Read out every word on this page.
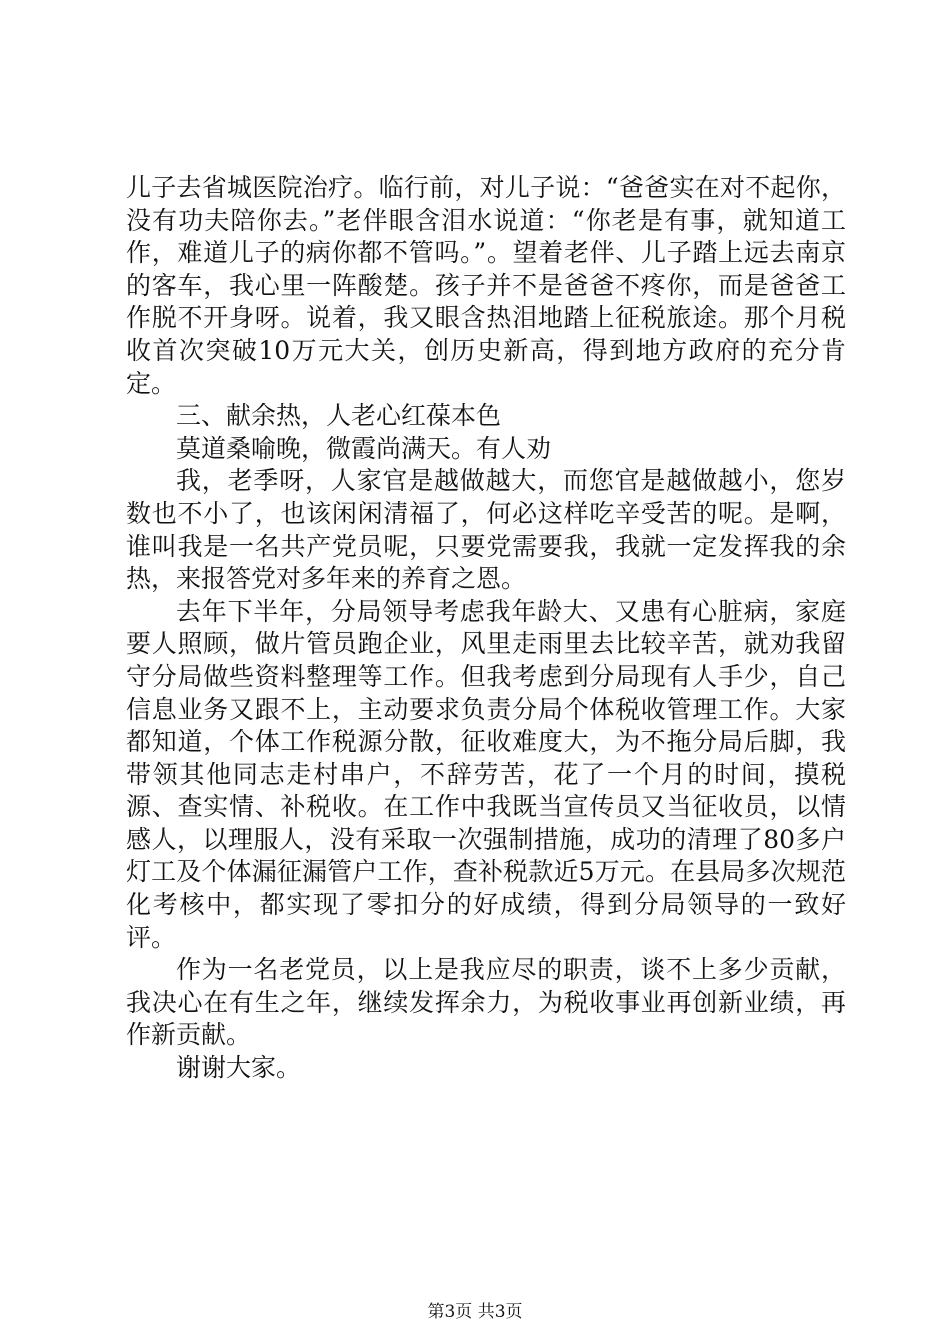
儿子去省城医院治疗。临行前，对儿子说：“爸爸实在对不起你，没有功夫陪你去。”老伴眼含泪水说道：“你老是有事，就知道工作，难道儿子的病你都不管吗。”。望着老伴、儿子踏上远去南京的客车，我心里一阵酸楚。孩子并不是爸爸不疼你，而是爸爸工作脱不开身呀。说着，我又眼含热泪地踏上征税旅途。那个月税收首次突破10万元大关，创历史新高，得到地方政府的充分肯定。

三、献余热，人老心红葆本色

莫道桑喻晚，微霞尚满天。有人劝

我，老季呀，人家官是越做越大，而您官是越做越小，您岁数也不小了，也该闲闲清福了，何必这样吃辛受苦的呢。是啊，谁叫我是一名共产党员呢，只要党需要我，我就一定发挥我的余热，来报答党对多年来的养育之恩。

去年下半年，分局领导考虑我年龄大、又患有心脏病，家庭要人照顾，做片管员跑企业，风里走雨里去比较辛苦，就劝我留守分局做些资料整理等工作。但我考虑到分局现有人手少，自己信息业务又跟不上，主动要求负责分局个体税收管理工作。大家都知道，个体工作税源分散，征收难度大，为不拖分局后脚，我带领其他同志走村串户，不辞劳苦，花了一个月的时间，摸税源、查实情、补税收。在工作中我既当宣传员又当征收员，以情感人，以理服人，没有采取一次强制措施，成功的清理了80多户灯工及个体漏征漏管户工作，查补税款近5万元。在县局多次规范化考核中，都实现了零扣分的好成绩，得到分局领导的一致好评。

作为一名老党员，以上是我应尽的职责，谈不上多少贡献，我决心在有生之年，继续发挥余力，为税收事业再创新业绩，再作新贡献。

谢谢大家。

第3页 共3页
